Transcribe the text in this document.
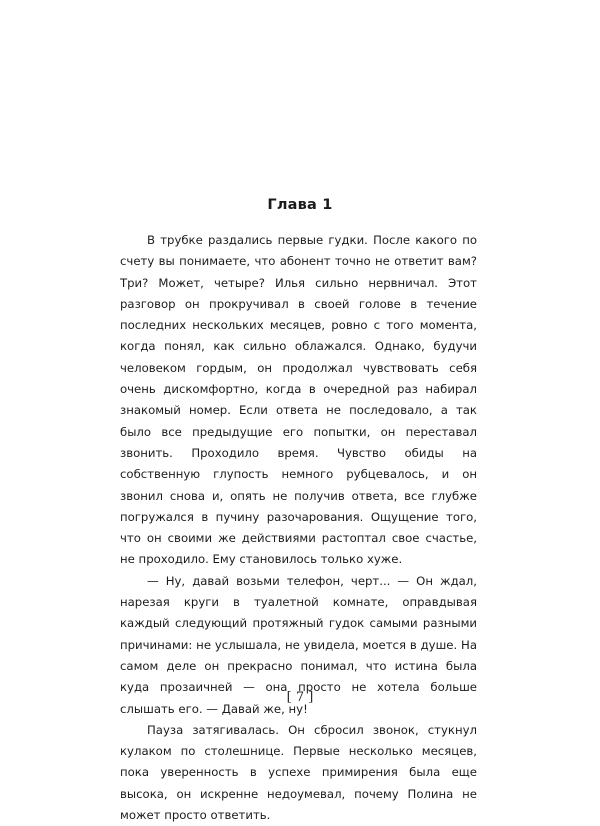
Глава 1

В трубке раздались первые гудки. После какого по счету вы понимаете, что абонент точно не ответит вам? Три? Может, четыре? Илья сильно нервничал. Этот разговор он прокручивал в своей голове в течение последних нескольких месяцев, ровно с того момента, когда понял, как сильно облажался. Однако, будучи человеком гордым, он продолжал чувствовать себя очень дискомфортно, когда в очередной раз набирал знакомый номер. Если ответа не последовало, а так было все предыдущие его попытки, он переставал звонить. Проходило время. Чувство обиды на собственную глупость немного рубцевалось, и он звонил снова и, опять не получив ответа, все глубже погружался в пучину разочарования. Ощущение того, что он своими же действиями растоптал свое счастье, не проходило. Ему становилось только хуже.

— Ну, давай возьми телефон, черт... — Он ждал, нарезая круги в туалетной комнате, оправдывая каждый следующий протяжный гудок самыми разными причинами: не услышала, не увидела, моется в душе. На самом деле он прекрасно понимал, что истина была куда прозаичней — она просто не хотела больше слышать его. — Давай же, ну!

Пауза затягивалась. Он сбросил звонок, стукнул кулаком по столешнице. Первые несколько месяцев, пока уверенность в успехе примирения была еще высока, он искренне недоумевал, почему Полина не может просто ответить.

[ 7 ]
